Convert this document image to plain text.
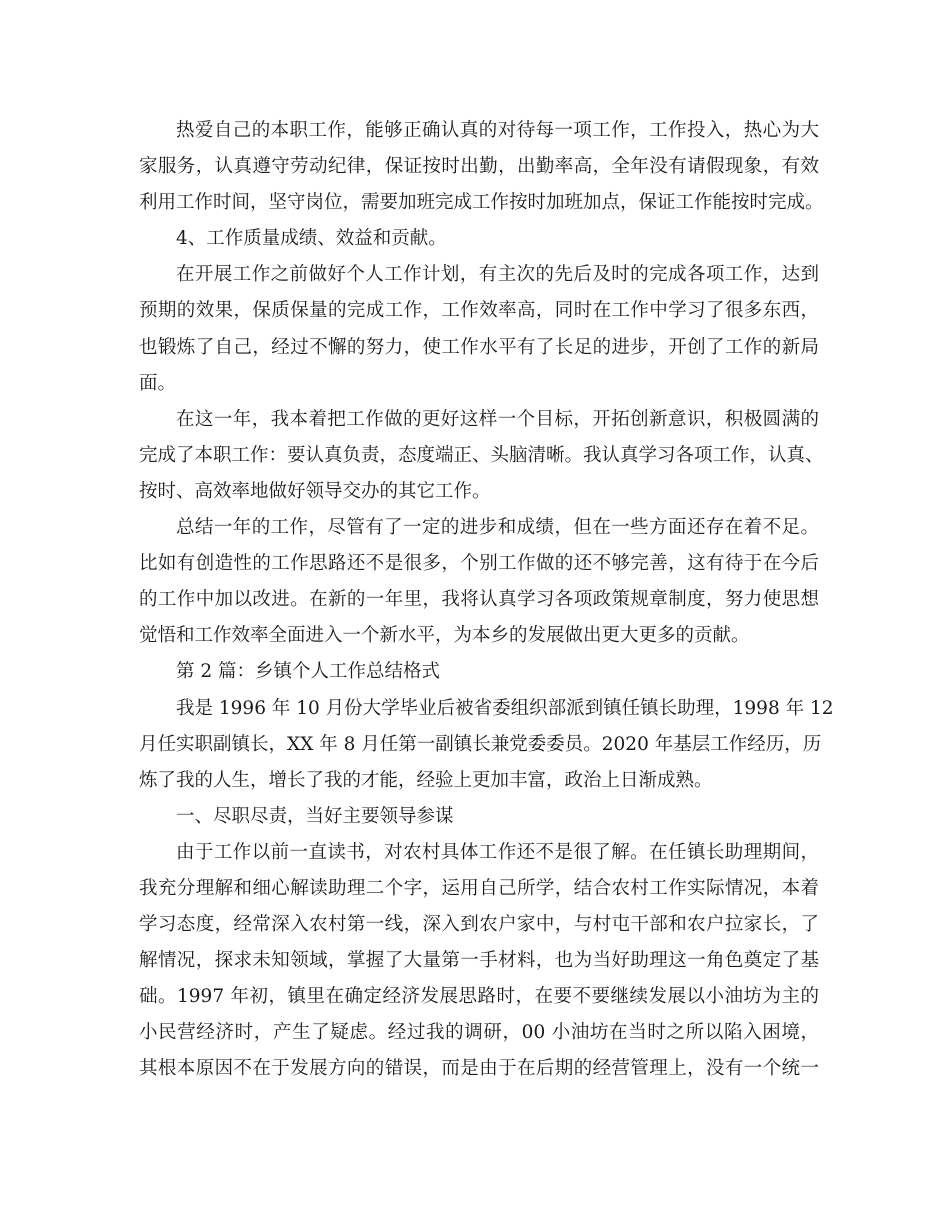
热爱自己的本职工作，能够正确认真的对待每一项工作，工作投入，热心为大
家服务，认真遵守劳动纪律，保证按时出勤，出勤率高，全年没有请假现象，有效
利用工作时间，坚守岗位，需要加班完成工作按时加班加点，保证工作能按时完成。
4、工作质量成绩、效益和贡献。
在开展工作之前做好个人工作计划，有主次的先后及时的完成各项工作，达到
预期的效果，保质保量的完成工作，工作效率高，同时在工作中学习了很多东西，
也锻炼了自己，经过不懈的努力，使工作水平有了长足的进步，开创了工作的新局
面。
在这一年，我本着把工作做的更好这样一个目标，开拓创新意识，积极圆满的
完成了本职工作：要认真负责，态度端正、头脑清晰。我认真学习各项工作，认真、
按时、高效率地做好领导交办的其它工作。
总结一年的工作，尽管有了一定的进步和成绩，但在一些方面还存在着不足。
比如有创造性的工作思路还不是很多，个别工作做的还不够完善，这有待于在今后
的工作中加以改进。在新的一年里，我将认真学习各项政策规章制度，努力使思想
觉悟和工作效率全面进入一个新水平，为本乡的发展做出更大更多的贡献。
第 2 篇：乡镇个人工作总结格式
我是 1996 年 10 月份大学毕业后被省委组织部派到镇任镇长助理，1998 年 12
月任实职副镇长，XX 年 8 月任第一副镇长兼党委委员。2020 年基层工作经历，历
炼了我的人生，增长了我的才能，经验上更加丰富，政治上日渐成熟。
一、尽职尽责，当好主要领导参谋
由于工作以前一直读书，对农村具体工作还不是很了解。在任镇长助理期间，
我充分理解和细心解读助理二个字，运用自己所学，结合农村工作实际情况，本着
学习态度，经常深入农村第一线，深入到农户家中，与村屯干部和农户拉家长，了
解情况，探求未知领域，掌握了大量第一手材料，也为当好助理这一角色奠定了基
础。1997 年初，镇里在确定经济发展思路时，在要不要继续发展以小油坊为主的
小民营经济时，产生了疑虑。经过我的调研，00 小油坊在当时之所以陷入困境，
其根本原因不在于发展方向的错误，而是由于在后期的经营管理上，没有一个统一
